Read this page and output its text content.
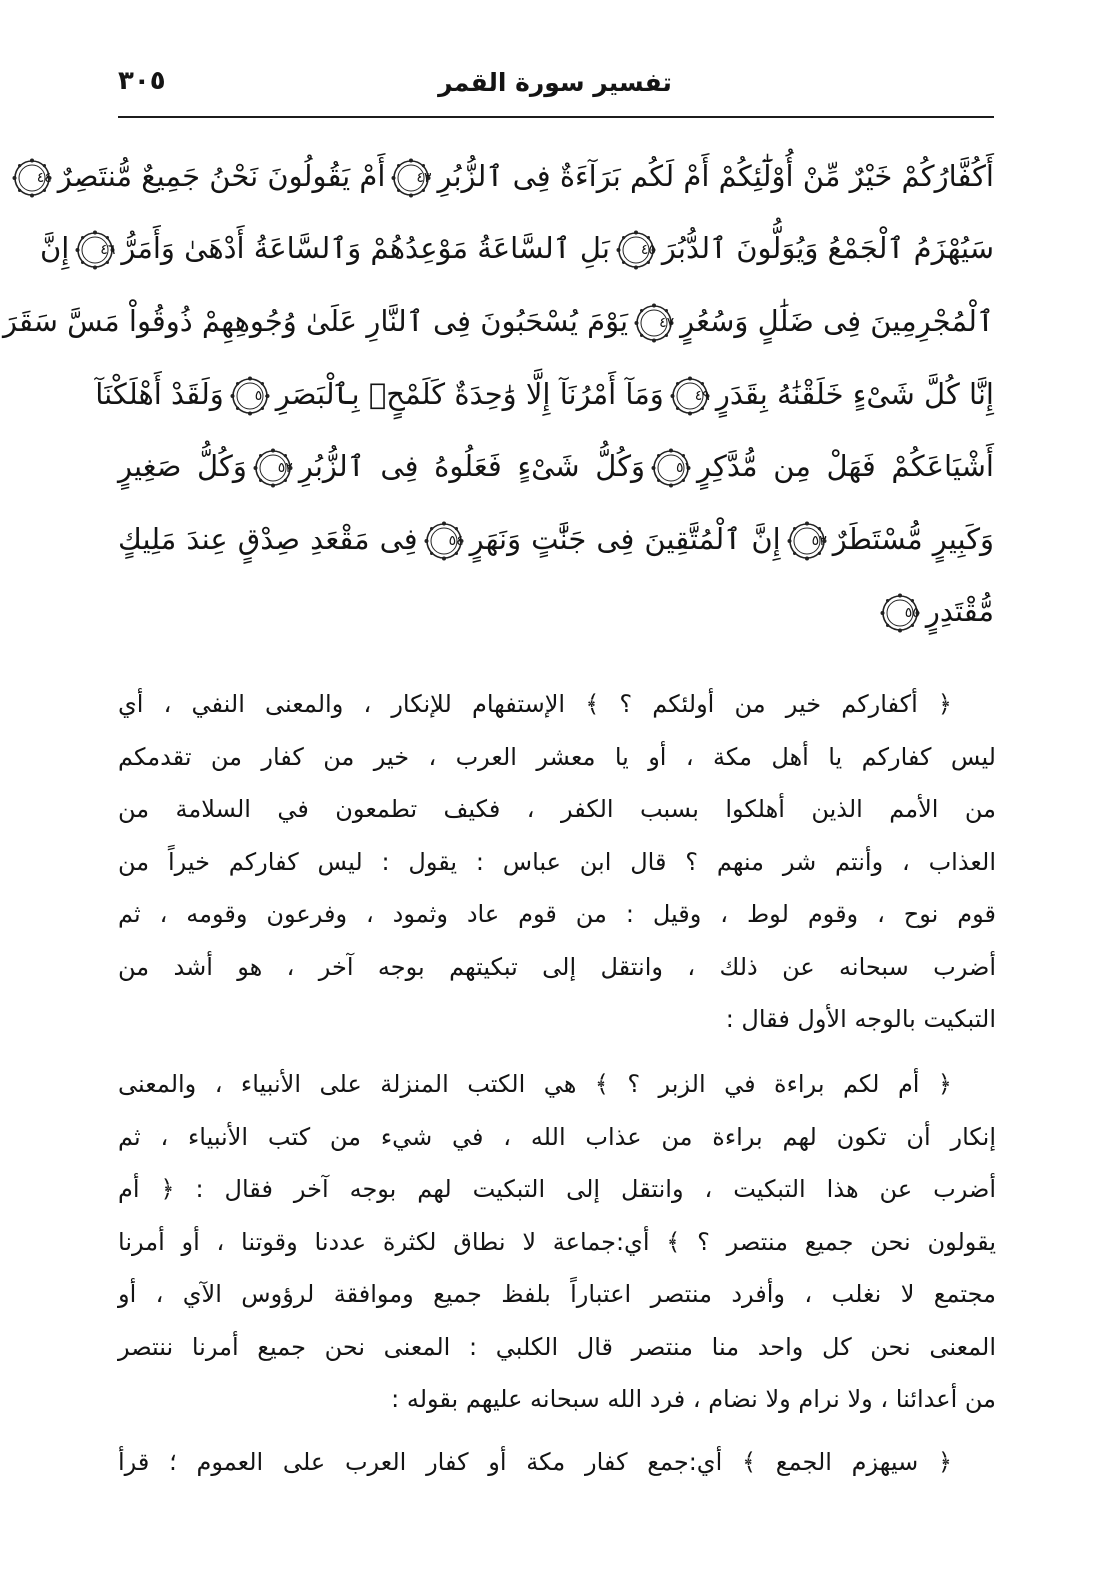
تفسير سورة القمر
٣٠٥
أَكُفَّارُكُمْ خَيْرٌ مِّنْ أُوْلَٰٓئِكُمْ أَمْ لَكُم بَرَآءَةٌ فِى ٱلزُّبُرِ
٤٣
أَمْ يَقُولُونَ نَحْنُ جَمِيعٌ مُّنتَصِرٌ
٤٤
سَيُهْزَمُ ٱلْجَمْعُ وَيُوَلُّونَ ٱلدُّبُرَ
٤٥
بَلِ ٱلسَّاعَةُ مَوْعِدُهُمْ وَٱلسَّاعَةُ أَدْهَىٰ وَأَمَرُّ
٤٦
إِنَّ
ٱلْمُجْرِمِينَ فِى ضَلَٰلٍ وَسُعُرٍ
٤٧
يَوْمَ يُسْحَبُونَ فِى ٱلنَّارِ عَلَىٰ وُجُوهِهِمْ ذُوقُواْ مَسَّ سَقَرَ
إِنَّا كُلَّ شَىْءٍ خَلَقْنَٰهُ بِقَدَرٍ
٤٩
وَمَآ أَمْرُنَآ إِلَّا وَٰحِدَةٌ كَلَمْحٍۭ بِٱلْبَصَرِ
٥٠
وَلَقَدْ أَهْلَكْنَآ
أَشْيَاعَكُمْ فَهَلْ مِن مُّدَّكِرٍ
٥١
وَكُلُّ شَىْءٍ فَعَلُوهُ فِى ٱلزُّبُرِ
٥٢
وَكُلُّ صَغِيرٍ
وَكَبِيرٍ مُّسْتَطَرٌ
٥٣
إِنَّ ٱلْمُتَّقِينَ فِى جَنَّٰتٍ وَنَهَرٍ
٥٤
فِى مَقْعَدِ صِدْقٍ عِندَ مَلِيكٍ
مُّقْتَدِرٍ
٥٥
﴿ أكفاركم خير من أولئكم ؟ ﴾ الإستفهام للإنكار ، والمعنى النفي ، أي
ليس كفاركم يا أهل مكة ، أو يا معشر العرب ، خير من كفار من تقدمكم
من الأمم الذين أهلكوا بسبب الكفر ، فكيف تطمعون في السلامة من
العذاب ، وأنتم شر منهم ؟ قال ابن عباس : يقول : ليس كفاركم خيراً من
قوم نوح ، وقوم لوط ، وقيل : من قوم عاد وثمود ، وفرعون وقومه ، ثم
أضرب سبحانه عن ذلك ، وانتقل إلى تبكيتهم بوجه آخر ، هو أشد من
التبكيت بالوجه الأول فقال :
﴿ أم لكم براءة في الزبر ؟ ﴾ هي الكتب المنزلة على الأنبياء ، والمعنى
إنكار أن تكون لهم براءة من عذاب الله ، في شيء من كتب الأنبياء ، ثم
أضرب عن هذا التبكيت ، وانتقل إلى التبكيت لهم بوجه آخر فقال : ﴿ أم
يقولون نحن جميع منتصر ؟ ﴾ أي:جماعة لا نطاق لكثرة عددنا وقوتنا ، أو أمرنا
مجتمع لا نغلب ، وأفرد منتصر اعتباراً بلفظ جميع وموافقة لرؤوس الآي ، أو
المعنى نحن كل واحد منا منتصر قال الكلبي : المعنى نحن جميع أمرنا ننتصر
من أعدائنا ، ولا نرام ولا نضام ، فرد الله سبحانه عليهم بقوله :
﴿ سيهزم الجمع ﴾ أي:جمع كفار مكة أو كفار العرب على العموم ؛ قرأ
